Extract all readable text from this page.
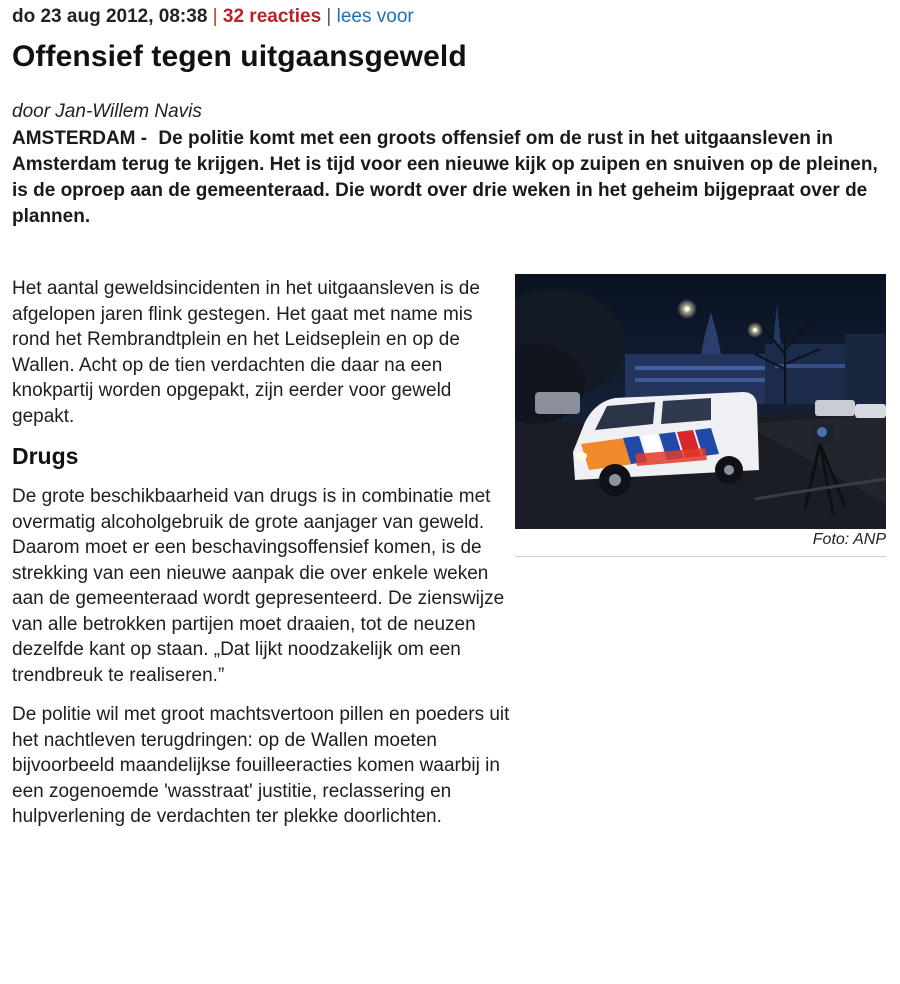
do 23 aug 2012, 08:38 | 32 reacties | lees voor
Offensief tegen uitgaansgeweld
door Jan-Willem Navis

AMSTERDAM - De politie komt met een groots offensief om de rust in het uitgaansleven in Amsterdam terug te krijgen. Het is tijd voor een nieuwe kijk op zuipen en snuiven op de pleinen, is de oproep aan de gemeenteraad. Die wordt over drie weken in het geheim bijgepraat over de plannen.

Het aantal geweldsincidenten in het uitgaansleven is de afgelopen jaren flink gestegen. Het gaat met name mis rond het Rembrandtplein en het Leidseplein en op de Wallen. Acht op de tien verdachten die daar na een knokpartij worden opgepakt, zijn eerder voor geweld gepakt.

Drugs

De grote beschikbaarheid van drugs is in combinatie met overmatig alcoholgebruik de grote aanjager van geweld. Daarom moet er een beschavingsoffensief komen, is de strekking van een nieuwe aanpak die over enkele weken aan de gemeenteraad wordt gepresenteerd. De zienswijze van alle betrokken partijen moet draaien, tot de neuzen dezelfde kant op staan. „Dat lijkt noodzakelijk om een trendbreuk te realiseren.”

De politie wil met groot machtsvertoon pillen en poeders uit het nachtleven terugdringen: op de Wallen moeten bijvoorbeeld maandelijkse fouilleeracties komen waarbij in een zogenoemde 'wasstraat' justitie, reclassering en hulpverlening de verdachten ter plekke doorlichten.

Foto: ANP
